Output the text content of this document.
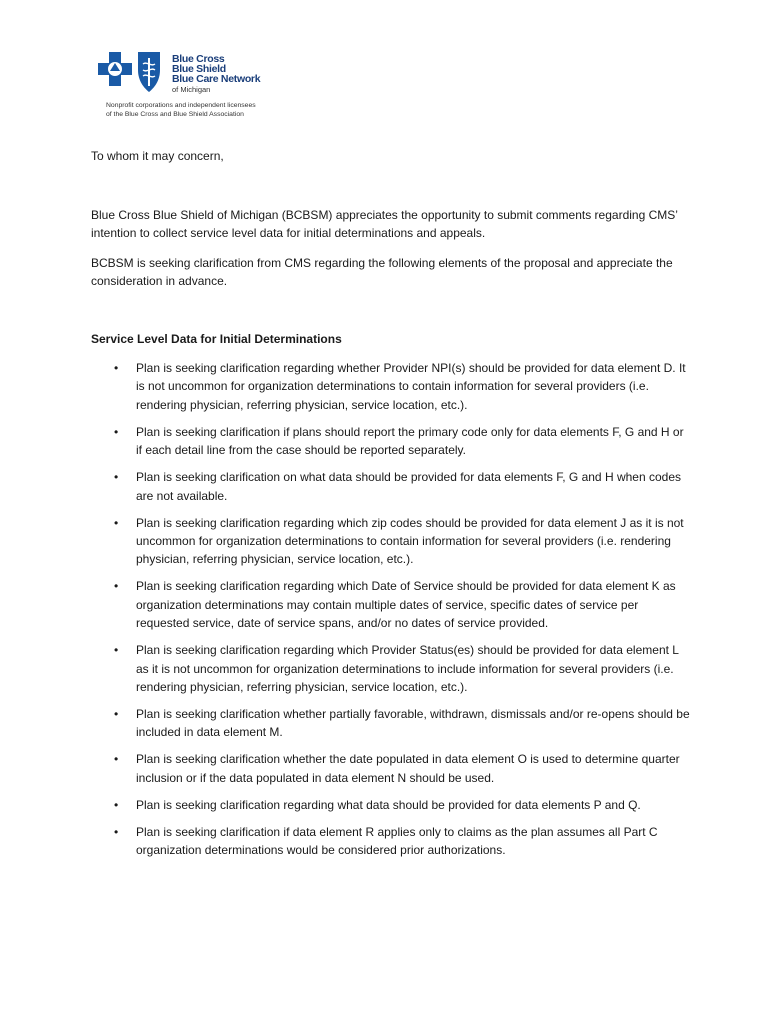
Blue Cross
Blue Shield
Blue Care Network
of Michigan
Nonprofit corporations and independent licensees
of the Blue Cross and Blue Shield Association
To whom it may concern,
Blue Cross Blue Shield of Michigan (BCBSM) appreciates the opportunity to submit comments regarding CMS’ intention to collect service level data for initial determinations and appeals.
BCBSM is seeking clarification from CMS regarding the following elements of the proposal and appreciate the consideration in advance.
Service Level Data for Initial Determinations
• Plan is seeking clarification regarding whether Provider NPI(s) should be provided for data element D. It is not uncommon for organization determinations to contain information for several providers (i.e. rendering physician, referring physician, service location, etc.).
• Plan is seeking clarification if plans should report the primary code only for data elements F, G and H or if each detail line from the case should be reported separately.
• Plan is seeking clarification on what data should be provided for data elements F, G and H when codes are not available.
• Plan is seeking clarification regarding which zip codes should be provided for data element J as it is not uncommon for organization determinations to contain information for several providers (i.e. rendering physician, referring physician, service location, etc.).
• Plan is seeking clarification regarding which Date of Service should be provided for data element K as organization determinations may contain multiple dates of service, specific dates of service per requested service, date of service spans, and/or no dates of service provided.
• Plan is seeking clarification regarding which Provider Status(es) should be provided for data element L as it is not uncommon for organization determinations to include information for several providers (i.e. rendering physician, referring physician, service location, etc.).
• Plan is seeking clarification whether partially favorable, withdrawn, dismissals and/or re-opens should be included in data element M.
• Plan is seeking clarification whether the date populated in data element O is used to determine quarter inclusion or if the data populated in data element N should be used.
• Plan is seeking clarification regarding what data should be provided for data elements P and Q.
• Plan is seeking clarification if data element R applies only to claims as the plan assumes all Part C organization determinations would be considered prior authorizations.
